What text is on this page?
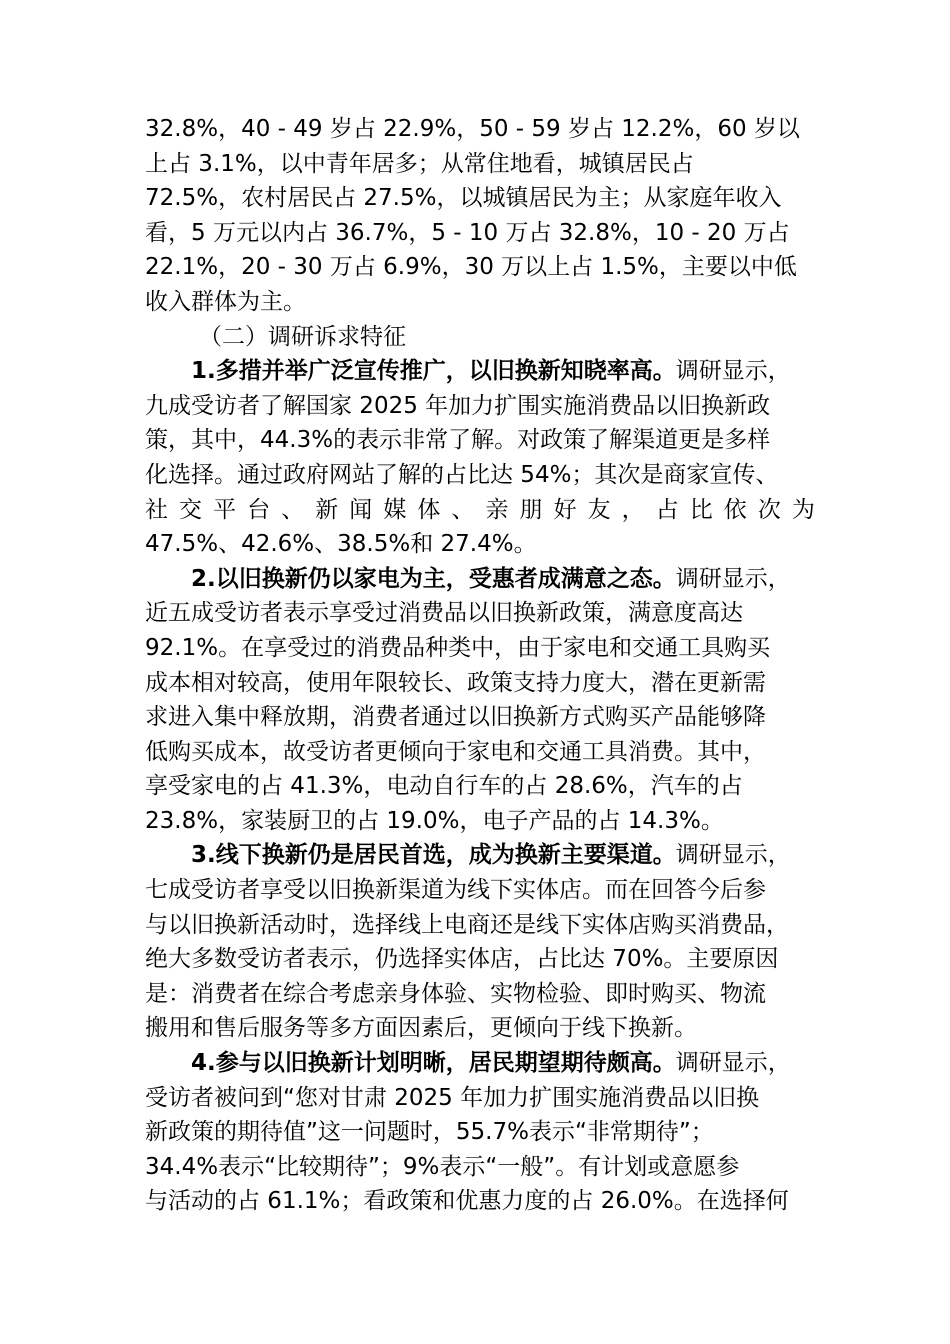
32.8%，40 - 49 岁占 22.9%，50 - 59 岁占 12.2%，60 岁以
上占 3.1%，以中青年居多；从常住地看，城镇居民占
72.5%，农村居民占 27.5%，以城镇居民为主；从家庭年收入
看，5 万元以内占 36.7%，5 - 10 万占 32.8%，10 - 20 万占
22.1%，20 - 30 万占 6.9%，30 万以上占 1.5%，主要以中低
收入群体为主。
（二）调研诉求特征
1.多措并举广泛宣传推广，以旧换新知晓率高。调研显示，
九成受访者了解国家 2025 年加力扩围实施消费品以旧换新政
策，其中，44.3%的表示非常了解。对政策了解渠道更是多样
化选择。通过政府网站了解的占比达 54%；其次是商家宣传、
社 交 平 台 、 新 闻 媒 体 、 亲 朋 好 友 ， 占 比 依 次 为
47.5%、42.6%、38.5%和 27.4%。
2.以旧换新仍以家电为主，受惠者成满意之态。调研显示，
近五成受访者表示享受过消费品以旧换新政策，满意度高达
92.1%。在享受过的消费品种类中，由于家电和交通工具购买
成本相对较高，使用年限较长、政策支持力度大，潜在更新需
求进入集中释放期，消费者通过以旧换新方式购买产品能够降
低购买成本，故受访者更倾向于家电和交通工具消费。其中，
享受家电的占 41.3%，电动自行车的占 28.6%，汽车的占
23.8%，家装厨卫的占 19.0%，电子产品的占 14.3%。
3.线下换新仍是居民首选，成为换新主要渠道。调研显示，
七成受访者享受以旧换新渠道为线下实体店。而在回答今后参
与以旧换新活动时，选择线上电商还是线下实体店购买消费品，
绝大多数受访者表示，仍选择实体店，占比达 70%。主要原因
是：消费者在综合考虑亲身体验、实物检验、即时购买、物流
搬用和售后服务等多方面因素后，更倾向于线下换新。
4.参与以旧换新计划明晰，居民期望期待颇高。调研显示，
受访者被问到“您对甘肃 2025 年加力扩围实施消费品以旧换
新政策的期待值”这一问题时，55.7%表示“非常期待”；
34.4%表示“比较期待”；9%表示“一般”。有计划或意愿参
与活动的占 61.1%；看政策和优惠力度的占 26.0%。在选择何
